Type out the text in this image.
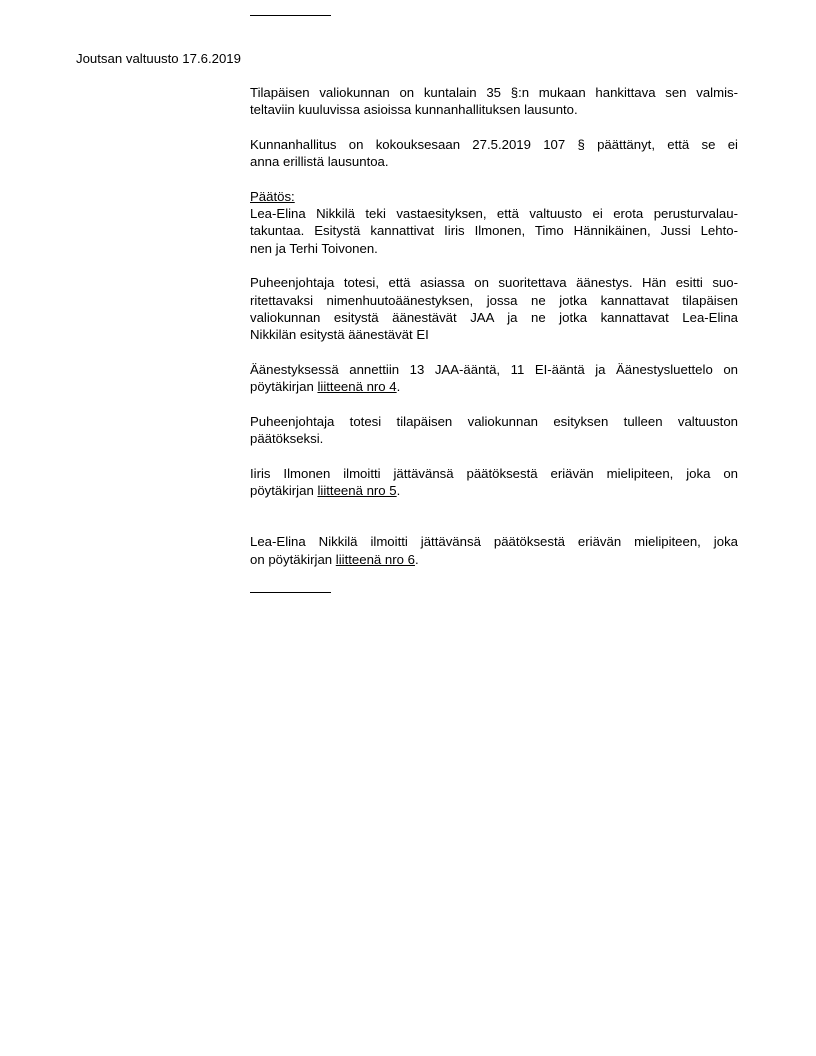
Joutsan valtuusto 17.6.2019
Tilapäisen valiokunnan on kuntalain 35 §:n mukaan hankittava sen valmis-
teltaviin kuuluvissa asioissa kunnanhallituksen lausunto.
Kunnanhallitus on kokouksesaan 27.5.2019 107 § päättänyt, että se ei
anna erillistä lausuntoa.
Päätös:
Lea-Elina Nikkilä teki vastaesityksen, että valtuusto ei erota perusturvalau-
takuntaa. Esitystä kannattivat Iiris Ilmonen, Timo Hännikäinen, Jussi Lehto-
nen ja Terhi Toivonen.
Puheenjohtaja totesi, että asiassa on suoritettava äänestys. Hän esitti suo-
ritettavaksi nimenhuutoäänestyksen, jossa ne jotka kannattavat tilapäisen
valiokunnan esitystä äänestävät JAA ja ne jotka kannattavat Lea-Elina
Nikkilän esitystä äänestävät EI
Äänestyksessä annettiin 13 JAA-ääntä, 11 EI-ääntä ja Äänestysluettelo on
pöytäkirjan liitteenä nro 4.
Puheenjohtaja totesi tilapäisen valiokunnan esityksen tulleen valtuuston
päätökseksi.
Iiris Ilmonen ilmoitti jättävänsä päätöksestä eriävän mielipiteen, joka on
pöytäkirjan liitteenä nro 5.
Lea-Elina Nikkilä ilmoitti jättävänsä päätöksestä eriävän mielipiteen, joka
on pöytäkirjan liitteenä nro 6.
